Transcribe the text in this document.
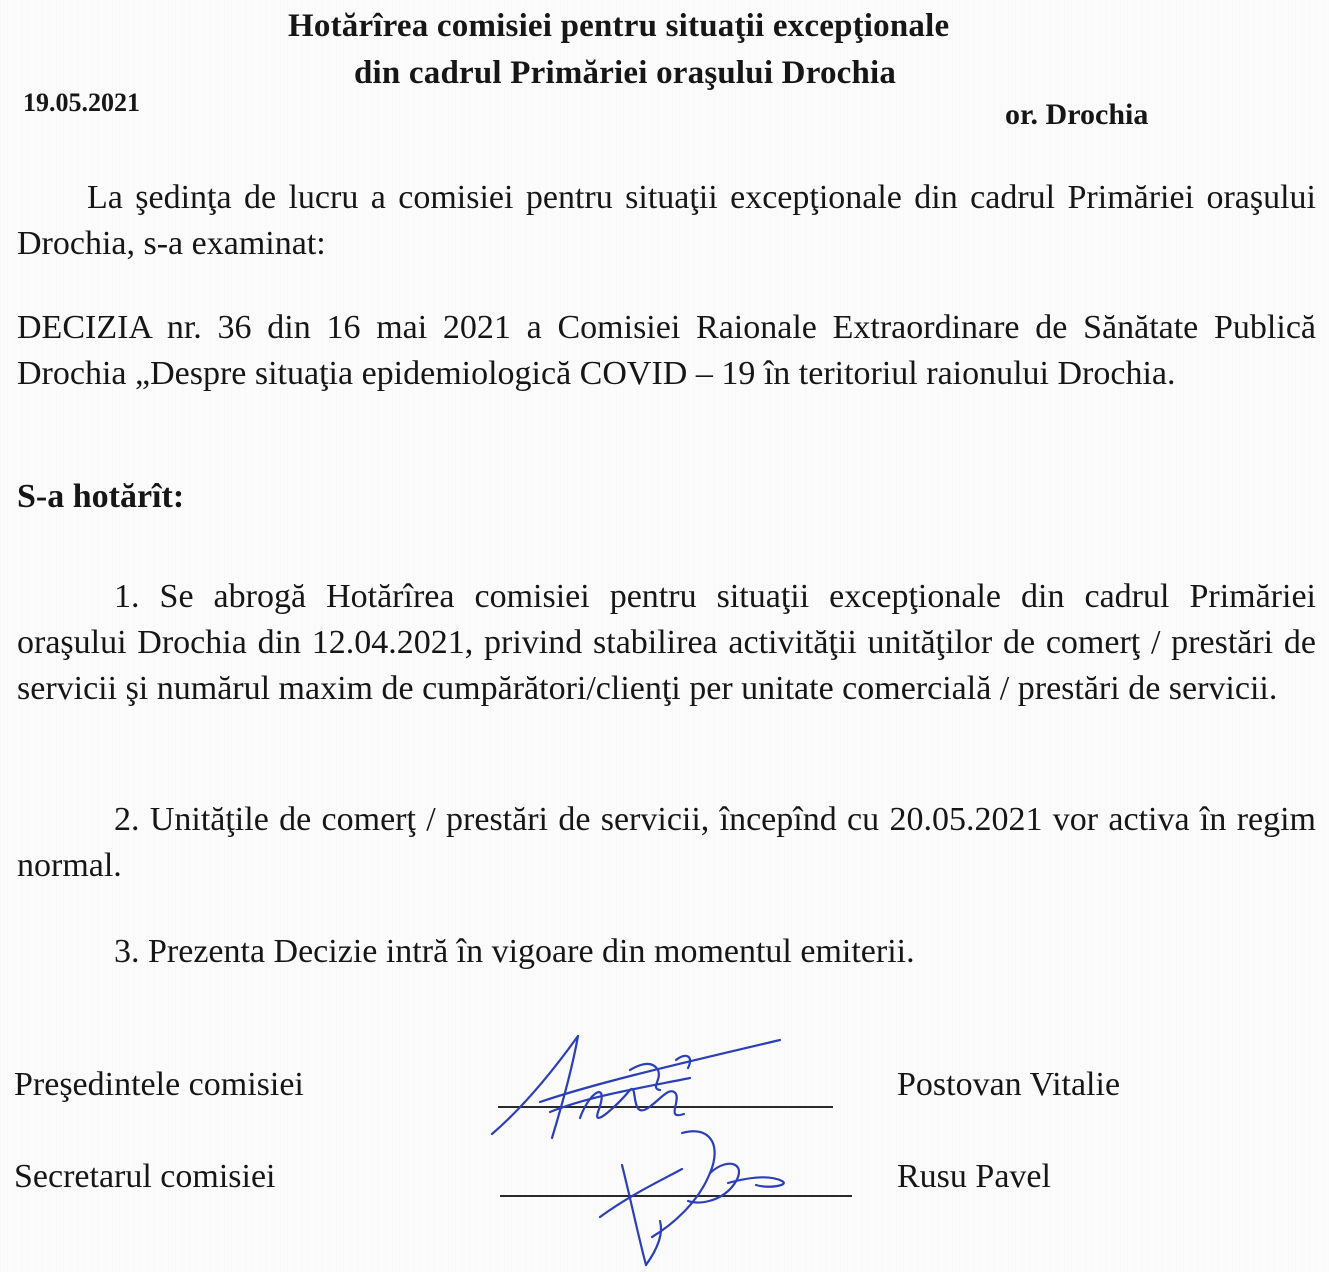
Hotărîrea comisiei pentru situaţii excepţionale
din cadrul Primăriei oraşului Drochia
19.05.2021	or. Drochia
La şedinţa de lucru a comisiei pentru situaţii excepţionale din cadrul Primăriei oraşului Drochia, s-a examinat:
DECIZIA nr. 36 din 16 mai 2021 a Comisiei Raionale Extraordinare de Sănătate Publică Drochia „Despre situaţia epidemiologică COVID – 19 în teritoriul raionului Drochia.
S-a hotărît:
1. Se abrogă Hotărîrea comisiei pentru situaţii excepţionale din cadrul Primăriei oraşului Drochia din 12.04.2021, privind stabilirea activităţii unităţilor de comerţ / prestări de servicii şi numărul maxim de cumpărători/clienţi per unitate comercială / prestări de servicii.
2. Unităţile de comerţ / prestări de servicii, începînd cu 20.05.2021 vor activa în regim normal.
3. Prezenta Decizie intră în vigoare din momentul emiterii.
Preşedintele comisiei	Postovan Vitalie
Secretarul comisiei	Rusu Pavel
